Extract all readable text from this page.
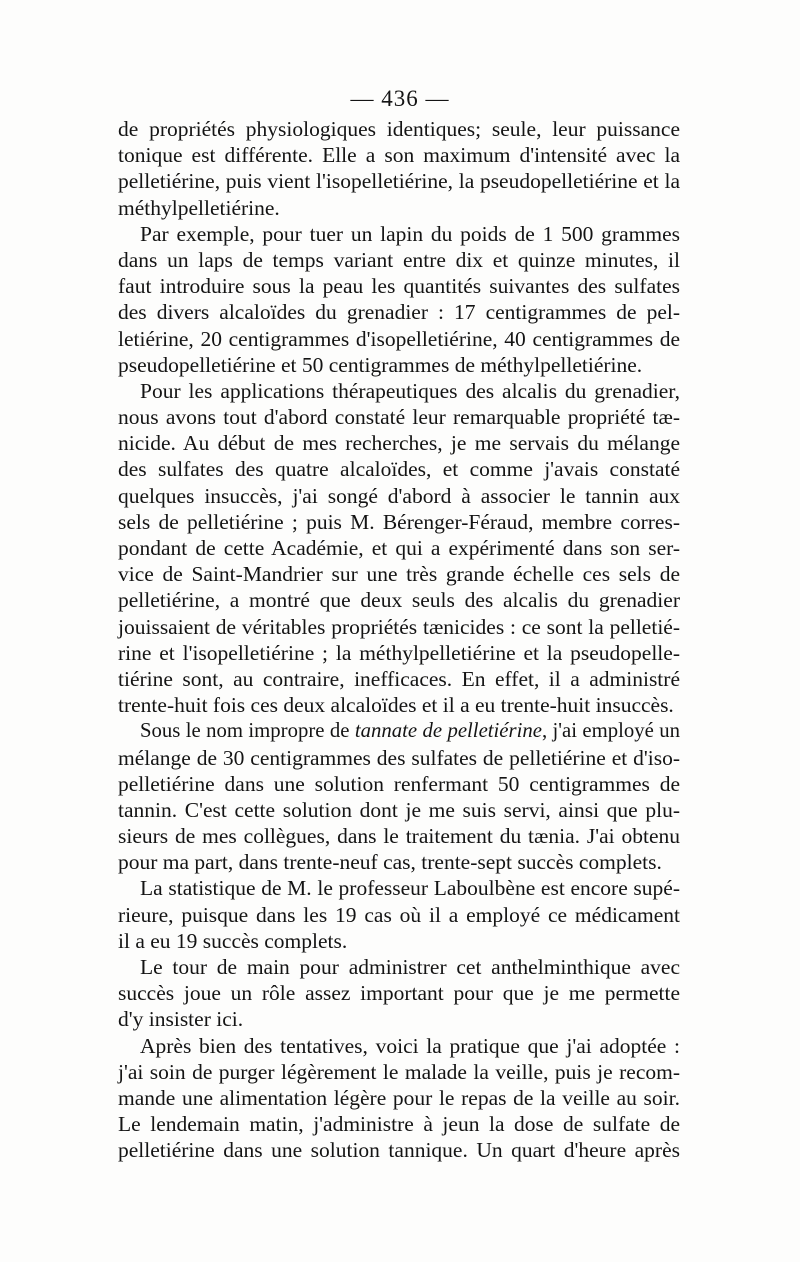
— 436 —
de propriétés physiologiques identiques; seule, leur puissance
tonique est différente. Elle a son maximum d'intensité avec la
pelletiérine, puis vient l'isopelletiérine, la pseudopelletiérine et la
méthylpelletiérine.
Par exemple, pour tuer un lapin du poids de 1 500 grammes
dans un laps de temps variant entre dix et quinze minutes, il
faut introduire sous la peau les quantités suivantes des sulfates
des divers alcaloïdes du grenadier : 17 centigrammes de pel-
letiérine, 20 centigrammes d'isopelletiérine, 40 centigrammes de
pseudopelletiérine et 50 centigrammes de méthylpelletiérine.
Pour les applications thérapeutiques des alcalis du grenadier,
nous avons tout d'abord constaté leur remarquable propriété tæ-
nicide. Au début de mes recherches, je me servais du mélange
des sulfates des quatre alcaloïdes, et comme j'avais constaté
quelques insuccès, j'ai songé d'abord à associer le tannin aux
sels de pelletiérine ; puis M. Bérenger-Féraud, membre corres-
pondant de cette Académie, et qui a expérimenté dans son ser-
vice de Saint-Mandrier sur une très grande échelle ces sels de
pelletiérine, a montré que deux seuls des alcalis du grenadier
jouissaient de véritables propriétés tænicides : ce sont la pelletié-
rine et l'isopelletiérine ; la méthylpelletiérine et la pseudopelle-
tiérine sont, au contraire, inefficaces. En effet, il a administré
trente-huit fois ces deux alcaloïdes et il a eu trente-huit insuccès.
Sous le nom impropre de tannate de pelletiérine, j'ai employé un
mélange de 30 centigrammes des sulfates de pelletiérine et d'iso-
pelletiérine dans une solution renfermant 50 centigrammes de
tannin. C'est cette solution dont je me suis servi, ainsi que plu-
sieurs de mes collègues, dans le traitement du tænia. J'ai obtenu
pour ma part, dans trente-neuf cas, trente-sept succès complets.
La statistique de M. le professeur Laboulbène est encore supé-
rieure, puisque dans les 19 cas où il a employé ce médicament
il a eu 19 succès complets.
Le tour de main pour administrer cet anthelminthique avec
succès joue un rôle assez important pour que je me permette
d'y insister ici.
Après bien des tentatives, voici la pratique que j'ai adoptée :
j'ai soin de purger légèrement le malade la veille, puis je recom-
mande une alimentation légère pour le repas de la veille au soir.
Le lendemain matin, j'administre à jeun la dose de sulfate de
pelletiérine dans une solution tannique. Un quart d'heure après
